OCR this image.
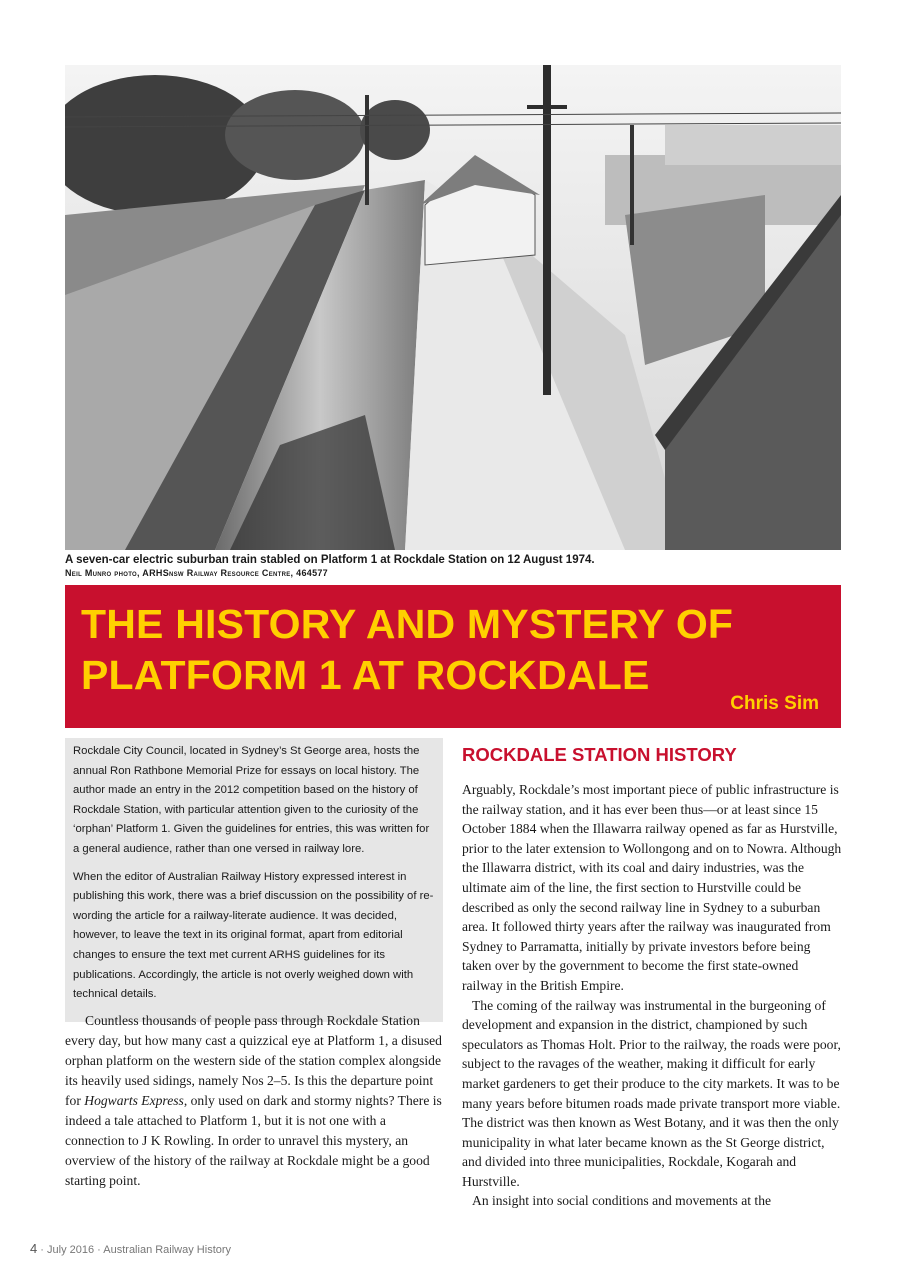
A seven-car electric suburban train stabled on Platform 1 at Rockdale Station on 12 August 1974.
Neil Munro photo, ARHSnsw Railway Resource Centre, 464577
THE HISTORY AND MYSTERY OF
PLATFORM 1 AT ROCKDALE
Chris Sim

Rockdale City Council, located in Sydney’s St George area, hosts the annual Ron Rathbone Memorial Prize for essays on local history. The author made an entry in the 2012 competition based on the history of Rockdale Station, with particular attention given to the curiosity of the ‘orphan’ Platform 1. Given the guidelines for entries, this was written for a general audience, rather than one versed in railway lore.

When the editor of Australian Railway History expressed interest in publishing this work, there was a brief discussion on the possibility of re-wording the article for a railway-literate audience. It was decided, however, to leave the text in its original format, apart from editorial changes to ensure the text met current ARHS guidelines for its publications. Accordingly, the article is not overly weighed down with technical details.

Countless thousands of people pass through Rockdale Station every day, but how many cast a quizzical eye at Platform 1, a disused orphan platform on the western side of the station complex alongside its heavily used sidings, namely Nos 2–5. Is this the departure point for Hogwarts Express, only used on dark and stormy nights? There is indeed a tale attached to Platform 1, but it is not one with a connection to J K Rowling. In order to unravel this mystery, an overview of the history of the railway at Rockdale might be a good starting point.

ROCKDALE STATION HISTORY

Arguably, Rockdale’s most important piece of public infrastructure is the railway station, and it has ever been thus—or at least since 15 October 1884 when the Illawarra railway opened as far as Hurstville, prior to the later extension to Wollongong and on to Nowra. Although the Illawarra district, with its coal and dairy industries, was the ultimate aim of the line, the first section to Hurstville could be described as only the second railway line in Sydney to a suburban area. It followed thirty years after the railway was inaugurated from Sydney to Parramatta, initially by private investors before being taken over by the government to become the first state-owned railway in the British Empire.

The coming of the railway was instrumental in the burgeoning of development and expansion in the district, championed by such speculators as Thomas Holt. Prior to the railway, the roads were poor, subject to the ravages of the weather, making it difficult for early market gardeners to get their produce to the city markets. It was to be many years before bitumen roads made private transport more viable. The district was then known as West Botany, and it was then the only municipality in what later became known as the St George district, and divided into three municipalities, Rockdale, Kogarah and Hurstville.

An insight into social conditions and movements at the

4 · July 2016 · Australian Railway History
